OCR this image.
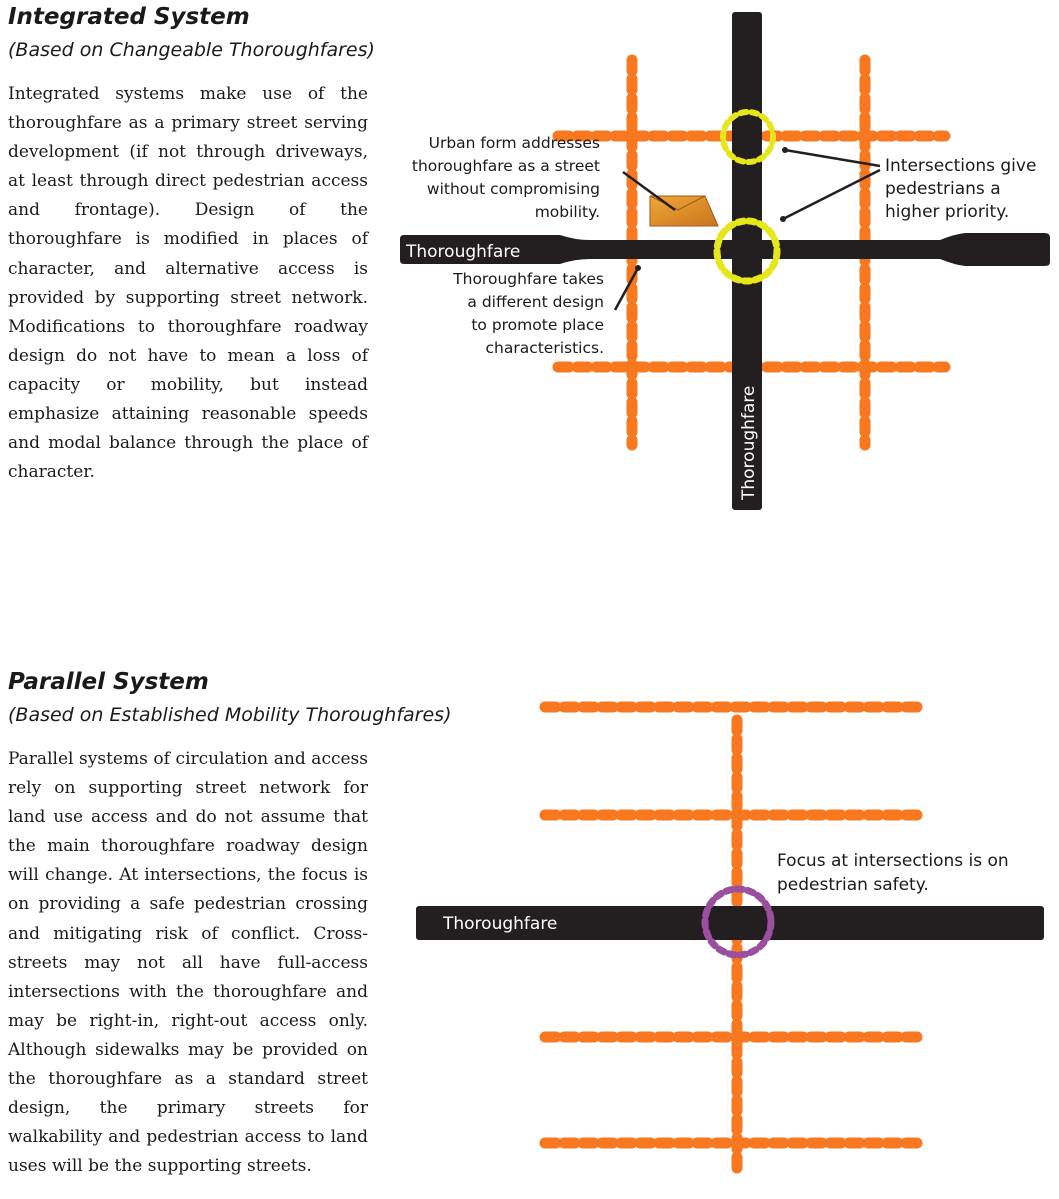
Integrated System

(Based on Changeable Thoroughfares)

Integrated systems make use of the thoroughfare as a primary street serving development (if not through driveways, at least through direct pedestrian access and frontage). Design of the thoroughfare is modified in places of character, and alternative access is provided by supporting street network. Modifications to thoroughfare roadway design do not have to mean a loss of capacity or mobility, but instead emphasize attaining reasonable speeds and modal balance through the place of character.

Parallel System

(Based on Established Mobility Thoroughfares)

Parallel systems of circulation and access rely on supporting street network for land use access and do not assume that the main thoroughfare roadway design will change. At intersections, the focus is on providing a safe pedestrian crossing and mitigating risk of conflict. Cross-streets may not all have full-access intersections with the thoroughfare and may be right-in, right-out access only. Although sidewalks may be provided on the thoroughfare as a standard street design, the primary streets for walkability and pedestrian access to land uses will be the supporting streets.

Thoroughfare
Thoroughfare
Urban form addresses
thoroughfare as a street
without compromising
mobility.
Intersections give
pedestrians a
higher priority.
Thoroughfare takes
a different design
to promote place
characteristics.
Thoroughfare
Focus at intersections is on
pedestrian safety.
